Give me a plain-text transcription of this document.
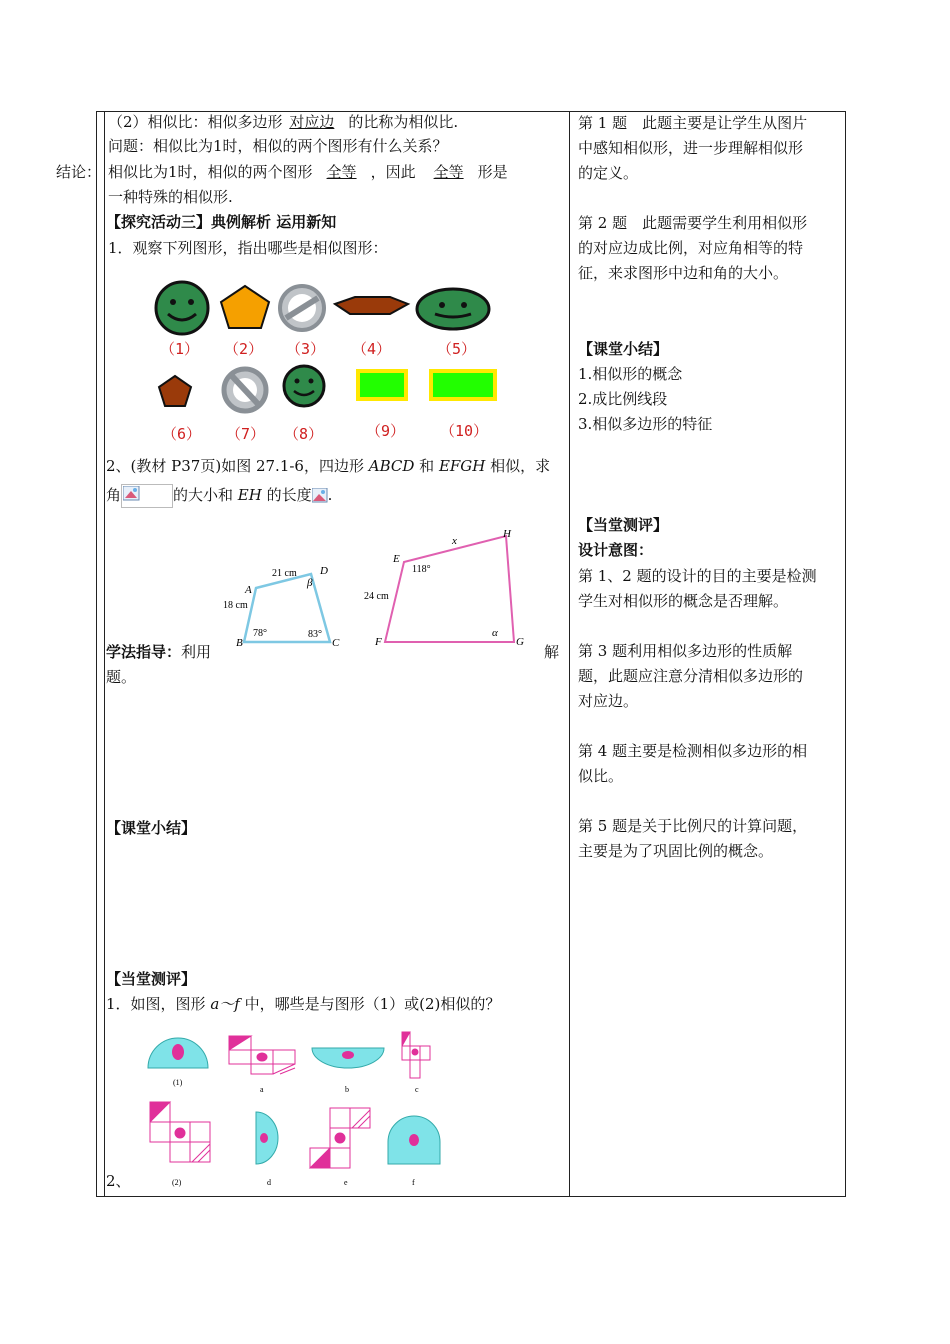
结论：
（2）相似比：相似多边形 对应边 的比称为相似比.
问题：相似比为1时，相似的两个图形有什么关系？
相似比为1时，相似的两个图形 全等 ，因此 全等 形是
一种特殊的相似形.
【探究活动三】典例解析 运用新知
1．观察下列图形，指出哪些是相似图形：
（1） （2） （3） （4）	（5）
（6） （7） （8）	（9） （10）
2、(教材 P37页)如图 27.1-6，四边形 ABCD 和 EFGH 相似，求
角	的大小和 EH 的长度 .
A
B	C
D
21 cm
18 cm
78°	83°
β
E
F	G
H
x
118°
24 cm
α
学法指导：利用	解
题。
【课堂小结】
【当堂测评】
1．如图，图形 a～f 中，哪些是与图形（1）或(2)相似的？
(1)
a	b	c
(2)	d	e	f
2、
第 1 题　此题主要是让学生从图片
中感知相似形，进一步理解相似形
的定义。
第 2 题　此题需要学生利用相似形
的对应边成比例，对应角相等的特
征，来求图形中边和角的大小。
【课堂小结】
1.相似形的概念
2.成比例线段
3.相似多边形的特征
【当堂测评】
设计意图：
第 1、2 题的设计的目的主要是检测
学生对相似形的概念是否理解。
第 3 题利用相似多边形的性质解
题，此题应注意分清相似多边形的
对应边。
第 4 题主要是检测相似多边形的相
似比。
第 5 题是关于比例尺的计算问题，
主要是为了巩固比例的概念。
